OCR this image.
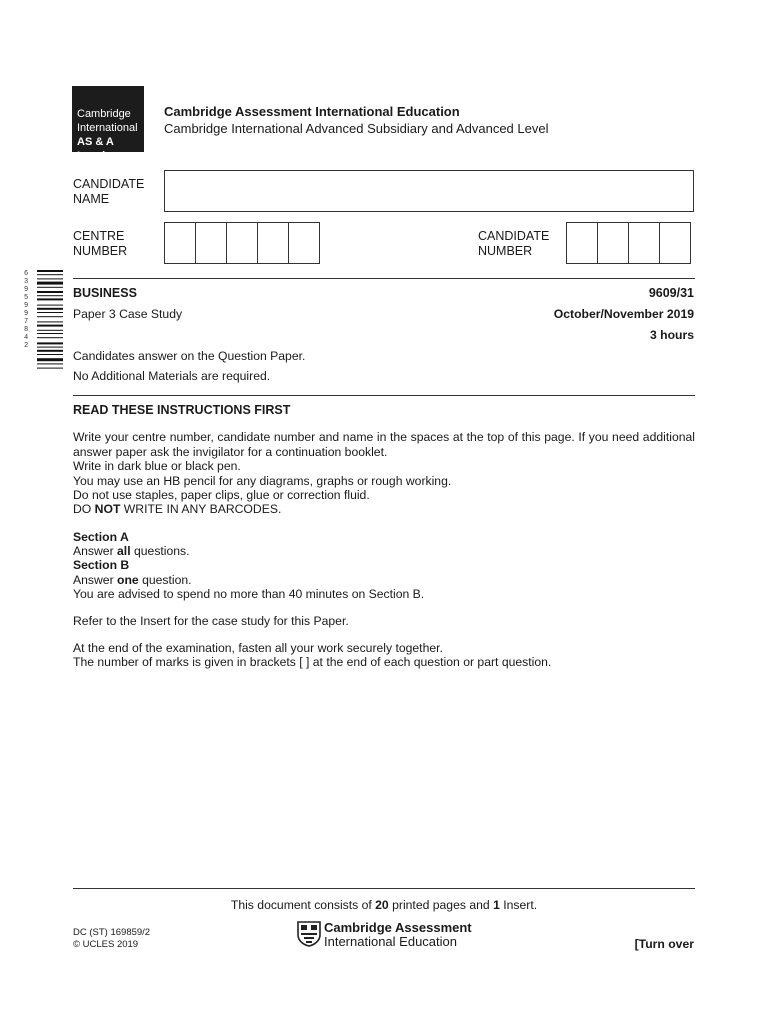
Cambridge
International
AS & A Level
Cambridge Assessment International Education
Cambridge International Advanced Subsidiary and Advanced Level
CANDIDATE
NAME
CENTRE
NUMBER
CANDIDATE
NUMBER
6395997842
BUSINESS	9609/31
Paper 3 Case Study	October/November 2019
3 hours
Candidates answer on the Question Paper.
No Additional Materials are required.
READ THESE INSTRUCTIONS FIRST
Write your centre number, candidate number and name in the spaces at the top of this page. If you need additional answer paper ask the invigilator for a continuation booklet.
Write in dark blue or black pen.
You may use an HB pencil for any diagrams, graphs or rough working.
Do not use staples, paper clips, glue or correction fluid.
DO NOT WRITE IN ANY BARCODES.
Section A
Answer all questions.
Section B
Answer one question.
You are advised to spend no more than 40 minutes on Section B.
Refer to the Insert for the case study for this Paper.
At the end of the examination, fasten all your work securely together.
The number of marks is given in brackets [ ] at the end of each question or part question.
This document consists of 20 printed pages and 1 Insert.
DC (ST) 169859/2
© UCLES 2019
Cambridge Assessment
International Education	[Turn over
